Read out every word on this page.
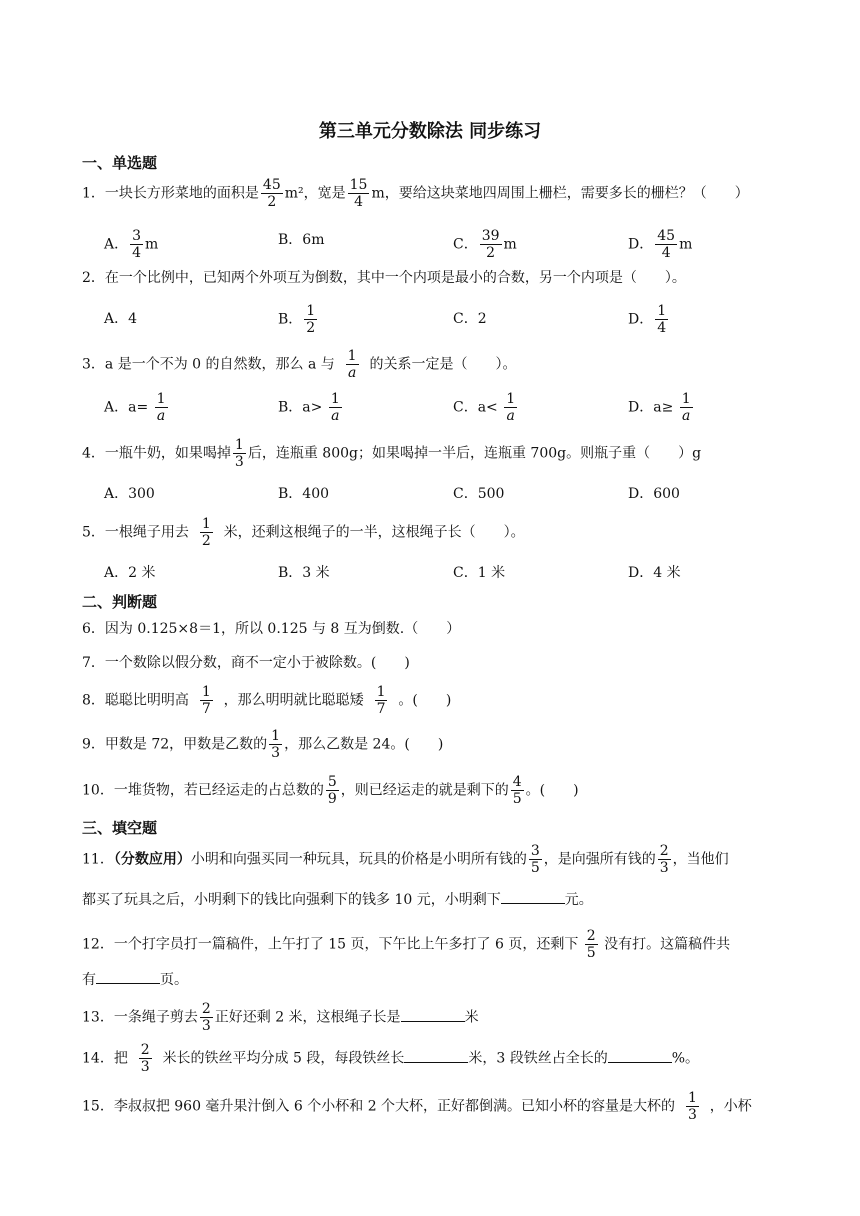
第三单元分数除法 同步练习
一、单选题
1．一块长方形菜地的面积是 $\frac{45}{2} m^2$，宽是 $\frac{15}{4}$ m，要给这块菜地四周围上栅栏，需要多长的栅栏？（　　）
A． $\frac{3}{4}$ m	B．6m	C． $\frac{39}{2}$ m	D． $\frac{45}{4}$ m
2．在一个比例中，已知两个外项互为倒数，其中一个内项是最小的合数，另一个内项是（　　）。
A．4	B． $\frac{1}{2}$	C．2	D． $\frac{1}{4}$
3．a 是一个不为 0 的自然数，那么 a 与 $\frac{1}{a}$ 的关系一定是（　　）。
A．$a= \frac{1}{a}$	B．$a> \frac{1}{a}$	C．$a< \frac{1}{a}$	D．$a\ge \frac{1}{a}$
4．一瓶牛奶，如果喝掉 $\frac{1}{3}$ 后，连瓶重 800g；如果喝掉一半后，连瓶重 700g。则瓶子重（　　）g
A．300	B．400	C．500	D．600
5．一根绳子用去 $\frac{1}{2}$ 米，还剩这根绳子的一半，这根绳子长（　　）。
A．2 米	B．3 米	C．1 米	D．4 米
二、判断题
6．因为 0.125×8＝1，所以 0.125 与 8 互为倒数.（　　）
7．一个数除以假分数，商不一定小于被除数。(　　)
8．聪聪比明明高 $\frac{1}{7}$ ，那么明明就比聪聪矮 $\frac{1}{7}$ 。(　　)
9．甲数是 72，甲数是乙数的 $\frac{1}{3}$ ，那么乙数是 24。(　　)
10．一堆货物，若已经运走的占总数的 $\frac{5}{9}$ ，则已经运走的就是剩下的 $\frac{4}{5}$ 。(　　)
三、填空题
11．（分数应用）小明和向强买同一种玩具，玩具的价格是小明所有钱的 $\frac{3}{5}$ ，是向强所有钱的 $\frac{2}{3}$ ，当他们
都买了玩具之后，小明剩下的钱比向强剩下的钱多 10 元，小明剩下	元。
12．一个打字员打一篇稿件，上午打了 15 页，下午比上午多打了 6 页，还剩下 $\frac{2}{5}$ 没有打。这篇稿件共
有	页。
13．一条绳子剪去 $\frac{2}{3}$ 正好还剩 2 米，这根绳子长是	米
14．把 $\frac{2}{3}$ 米长的铁丝平均分成 5 段，每段铁丝长	米，3 段铁丝占全长的	%。
15．李叔叔把 960 毫升果汁倒入 6 个小杯和 2 个大杯，正好都倒满。已知小杯的容量是大杯的 $\frac{1}{3}$ ，小杯
